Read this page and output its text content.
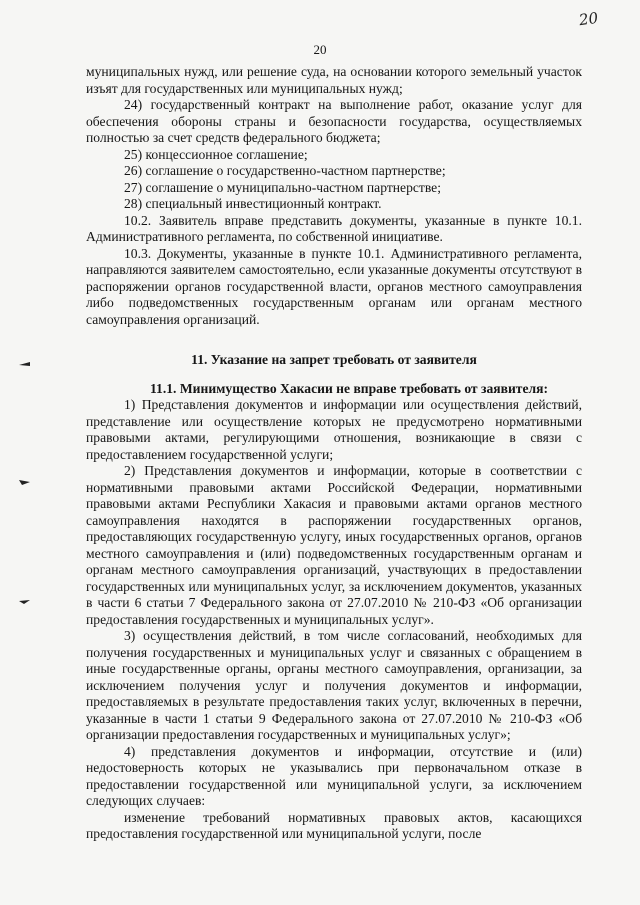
20
20

муниципальных нужд, или решение суда, на основании которого земельный участок изъят для государственных или муниципальных нужд;

24) государственный контракт на выполнение работ, оказание услуг для обеспечения обороны страны и безопасности государства, осуществляемых полностью за счет средств федерального бюджета;

25) концессионное соглашение;

26) соглашение о государственно-частном партнерстве;

27) соглашение о муниципально-частном партнерстве;

28) специальный инвестиционный контракт.

10.2. Заявитель вправе представить документы, указанные в пункте 10.1. Административного регламента, по собственной инициативе.

10.3. Документы, указанные в пункте 10.1. Административного регламента, направляются заявителем самостоятельно, если указанные документы отсутствуют в распоряжении органов государственной власти, органов местного самоуправления либо подведомственных государственным органам или органам местного самоуправления организаций.

11. Указание на запрет требовать от заявителя

11.1. Минимущество Хакасии не вправе требовать от заявителя:

1) Представления документов и информации или осуществления действий, представление или осуществление которых не предусмотрено нормативными правовыми актами, регулирующими отношения, возникающие в связи с предоставлением государственной услуги;

2) Представления документов и информации, которые в соответствии с нормативными правовыми актами Российской Федерации, нормативными правовыми актами Республики Хакасия и правовыми актами органов местного самоуправления находятся в распоряжении государственных органов, предоставляющих государственную услугу, иных государственных органов, органов местного самоуправления и (или) подведомственных государственным органам и органам местного самоуправления организаций, участвующих в предоставлении государственных или муниципальных услуг, за исключением документов, указанных в части 6 статьи 7 Федерального закона от 27.07.2010 № 210-ФЗ «Об организации предоставления государственных и муниципальных услуг».

3) осуществления действий, в том числе согласований, необходимых для получения государственных и муниципальных услуг и связанных с обращением в иные государственные органы, органы местного самоуправления, организации, за исключением получения услуг и получения документов и информации, предоставляемых в результате предоставления таких услуг, включенных в перечни, указанные в части 1 статьи 9 Федерального закона от 27.07.2010 № 210-ФЗ «Об организации предоставления государственных и муниципальных услуг»;

4) представления документов и информации, отсутствие и (или) недостоверность которых не указывались при первоначальном отказе в предоставлении государственной или муниципальной услуги, за исключением следующих случаев:

изменение требований нормативных правовых актов, касающихся предоставления государственной или муниципальной услуги, после
